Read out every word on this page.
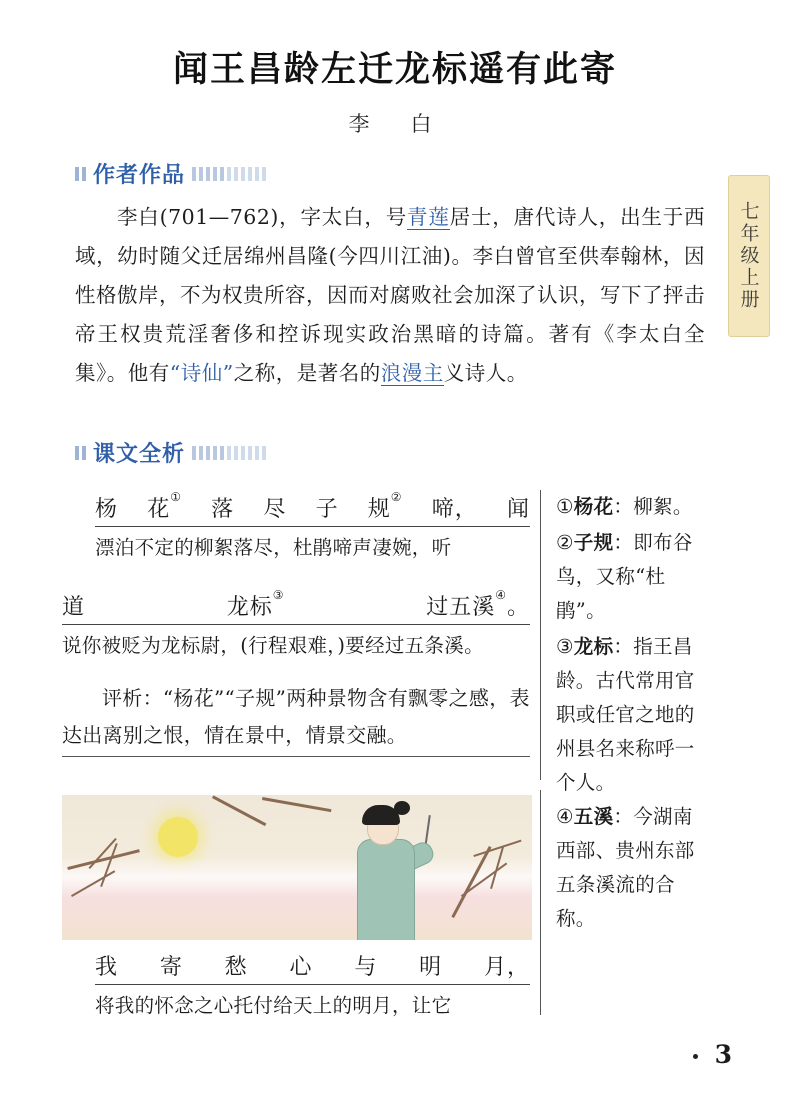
七年级上册
闻王昌龄左迁龙标遥有此寄
李　白
作者作品
李白(701—762)，字太白，号青莲居士，唐代诗人，出生于西域，幼时随父迁居绵州昌隆(今四川江油)。李白曾官至供奉翰林，因性格傲岸，不为权贵所容，因而对腐败社会加深了认识，写下了抨击帝王权贵荒淫奢侈和控诉现实政治黑暗的诗篇。著有《李太白全集》。他有“诗仙”之称，是著名的浪漫主义诗人。
课文全析
杨 花①
落 尽 子 规②
啼， 闻
漂泊不定的柳絮落尽，杜鹃啼声凄婉，听
道	龙标③
过五溪④。
说你被贬为龙标尉，(行程艰难，)要经过五条溪。
评析：“杨花”“子规”两种景物含有飘零之感，表达出离别之恨，情在景中，情景交融。
我 寄 愁 心 与 明 月，
将我的怀念之心托付给天上的明月，让它
①杨花：柳絮。
②子规：即布谷鸟，又称“杜鹃”。
③龙标：指王昌龄。古代常用官职或任官之地的州县名来称呼一个人。
④五溪：今湖南西部、贵州东部五条溪流的合称。
3
